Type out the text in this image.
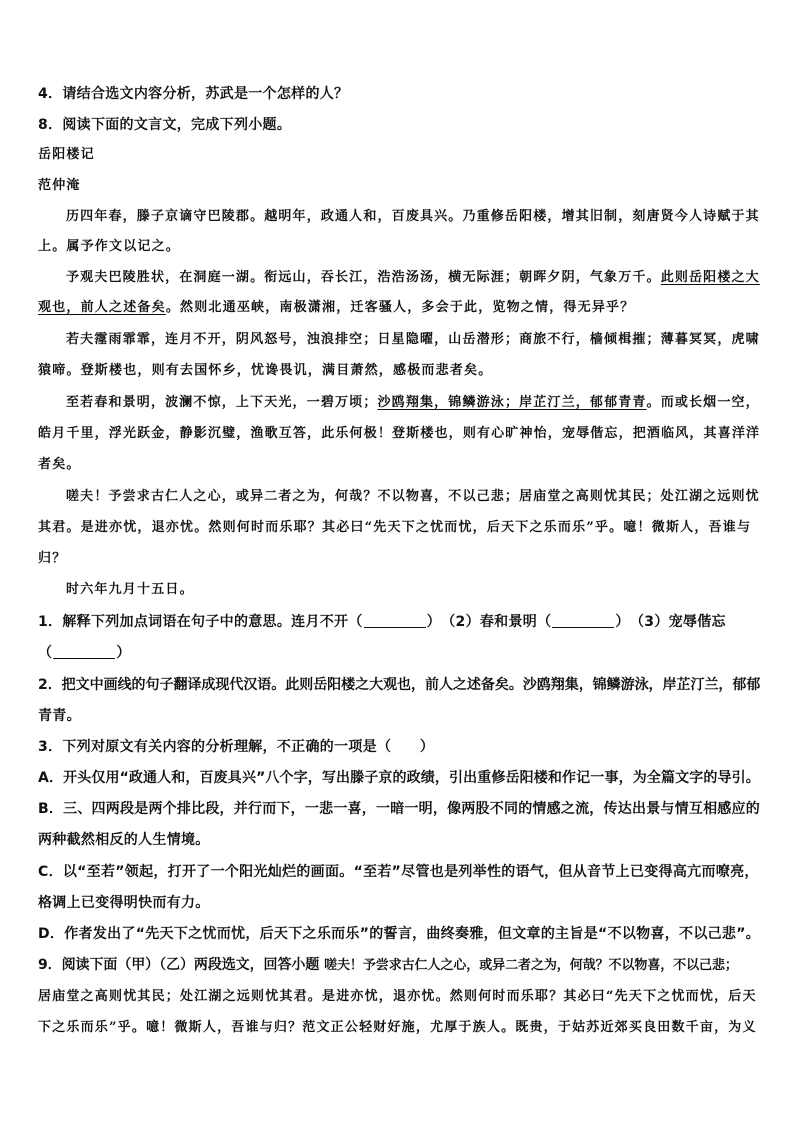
4．请结合选文内容分析，苏武是一个怎样的人？
8．阅读下面的文言文，完成下列小题。
岳阳楼记
范仲淹
历四年春，滕子京谪守巴陵郡。越明年，政通人和，百废具兴。乃重修岳阳楼，增其旧制，刻唐贤今人诗赋于其
上。属予作文以记之。
予观夫巴陵胜状，在洞庭一湖。衔远山，吞长江，浩浩汤汤，横无际涯；朝晖夕阴，气象万千。此则岳阳楼之大
观也，前人之述备矣。然则北通巫峡，南极潇湘，迁客骚人，多会于此，览物之情，得无异乎？
若夫霪雨霏霏，连月不开，阴风怒号，浊浪排空；日星隐曜，山岳潜形；商旅不行，樯倾楫摧；薄暮冥冥，虎啸
猿啼。登斯楼也，则有去国怀乡，忧谗畏讥，满目萧然，感极而悲者矣。
至若春和景明，波澜不惊，上下天光，一碧万顷；沙鸥翔集，锦鳞游泳；岸芷汀兰，郁郁青青。而或长烟一空，
皓月千里，浮光跃金，静影沉璧，渔歌互答，此乐何极！登斯楼也，则有心旷神怡，宠辱偕忘，把酒临风，其喜洋洋
者矣。
嗟夫！予尝求古仁人之心，或异二者之为，何哉？不以物喜，不以己悲；居庙堂之高则忧其民；处江湖之远则忧
其君。是进亦忧，退亦忧。然则何时而乐耶？其必曰“先天下之忧而忧，后天下之乐而乐”乎。噫！微斯人，吾谁与
归？
时六年九月十五日。
1．解释下列加点词语在句子中的意思。连月不开（	）　（2）春和景明（	）　（3）宠辱偕忘
（	）
2．把文中画线的句子翻译成现代汉语。此则岳阳楼之大观也，前人之述备矣。沙鸥翔集，锦鳞游泳，岸芷汀兰，郁郁
青青。
3．下列对原文有关内容的分析理解，不正确的一项是（　　）
A．开头仅用“政通人和，百废具兴”八个字，写出滕子京的政绩，引出重修岳阳楼和作记一事，为全篇文字的导引。
B．三、四两段是两个排比段，并行而下，一悲一喜，一暗一明，像两股不同的情感之流，传达出景与情互相感应的
两种截然相反的人生情境。
C．以“至若”领起，打开了一个阳光灿烂的画面。“至若”尽管也是列举性的语气，但从音节上已变得高亢而嘹亮，
格调上已变得明快而有力。
D．作者发出了“先天下之忧而忧，后天下之乐而乐”的誓言，曲终奏雅，但文章的主旨是“不以物喜，不以己悲”。
9．阅读下面（甲）（乙）两段选文，回答小题 嗟夫！予尝求古仁人之心，或异二者之为，何哉？不以物喜，不以己悲；
居庙堂之高则忧其民；处江湖之远则忧其君。是进亦忧，退亦忧。然则何时而乐耶？其必曰“先天下之忧而忧，后天
下之乐而乐”乎。噫！微斯人，吾谁与归？范文正公轻财好施，尤厚于族人。既贵，于姑苏近郊买良田数千亩，为义
